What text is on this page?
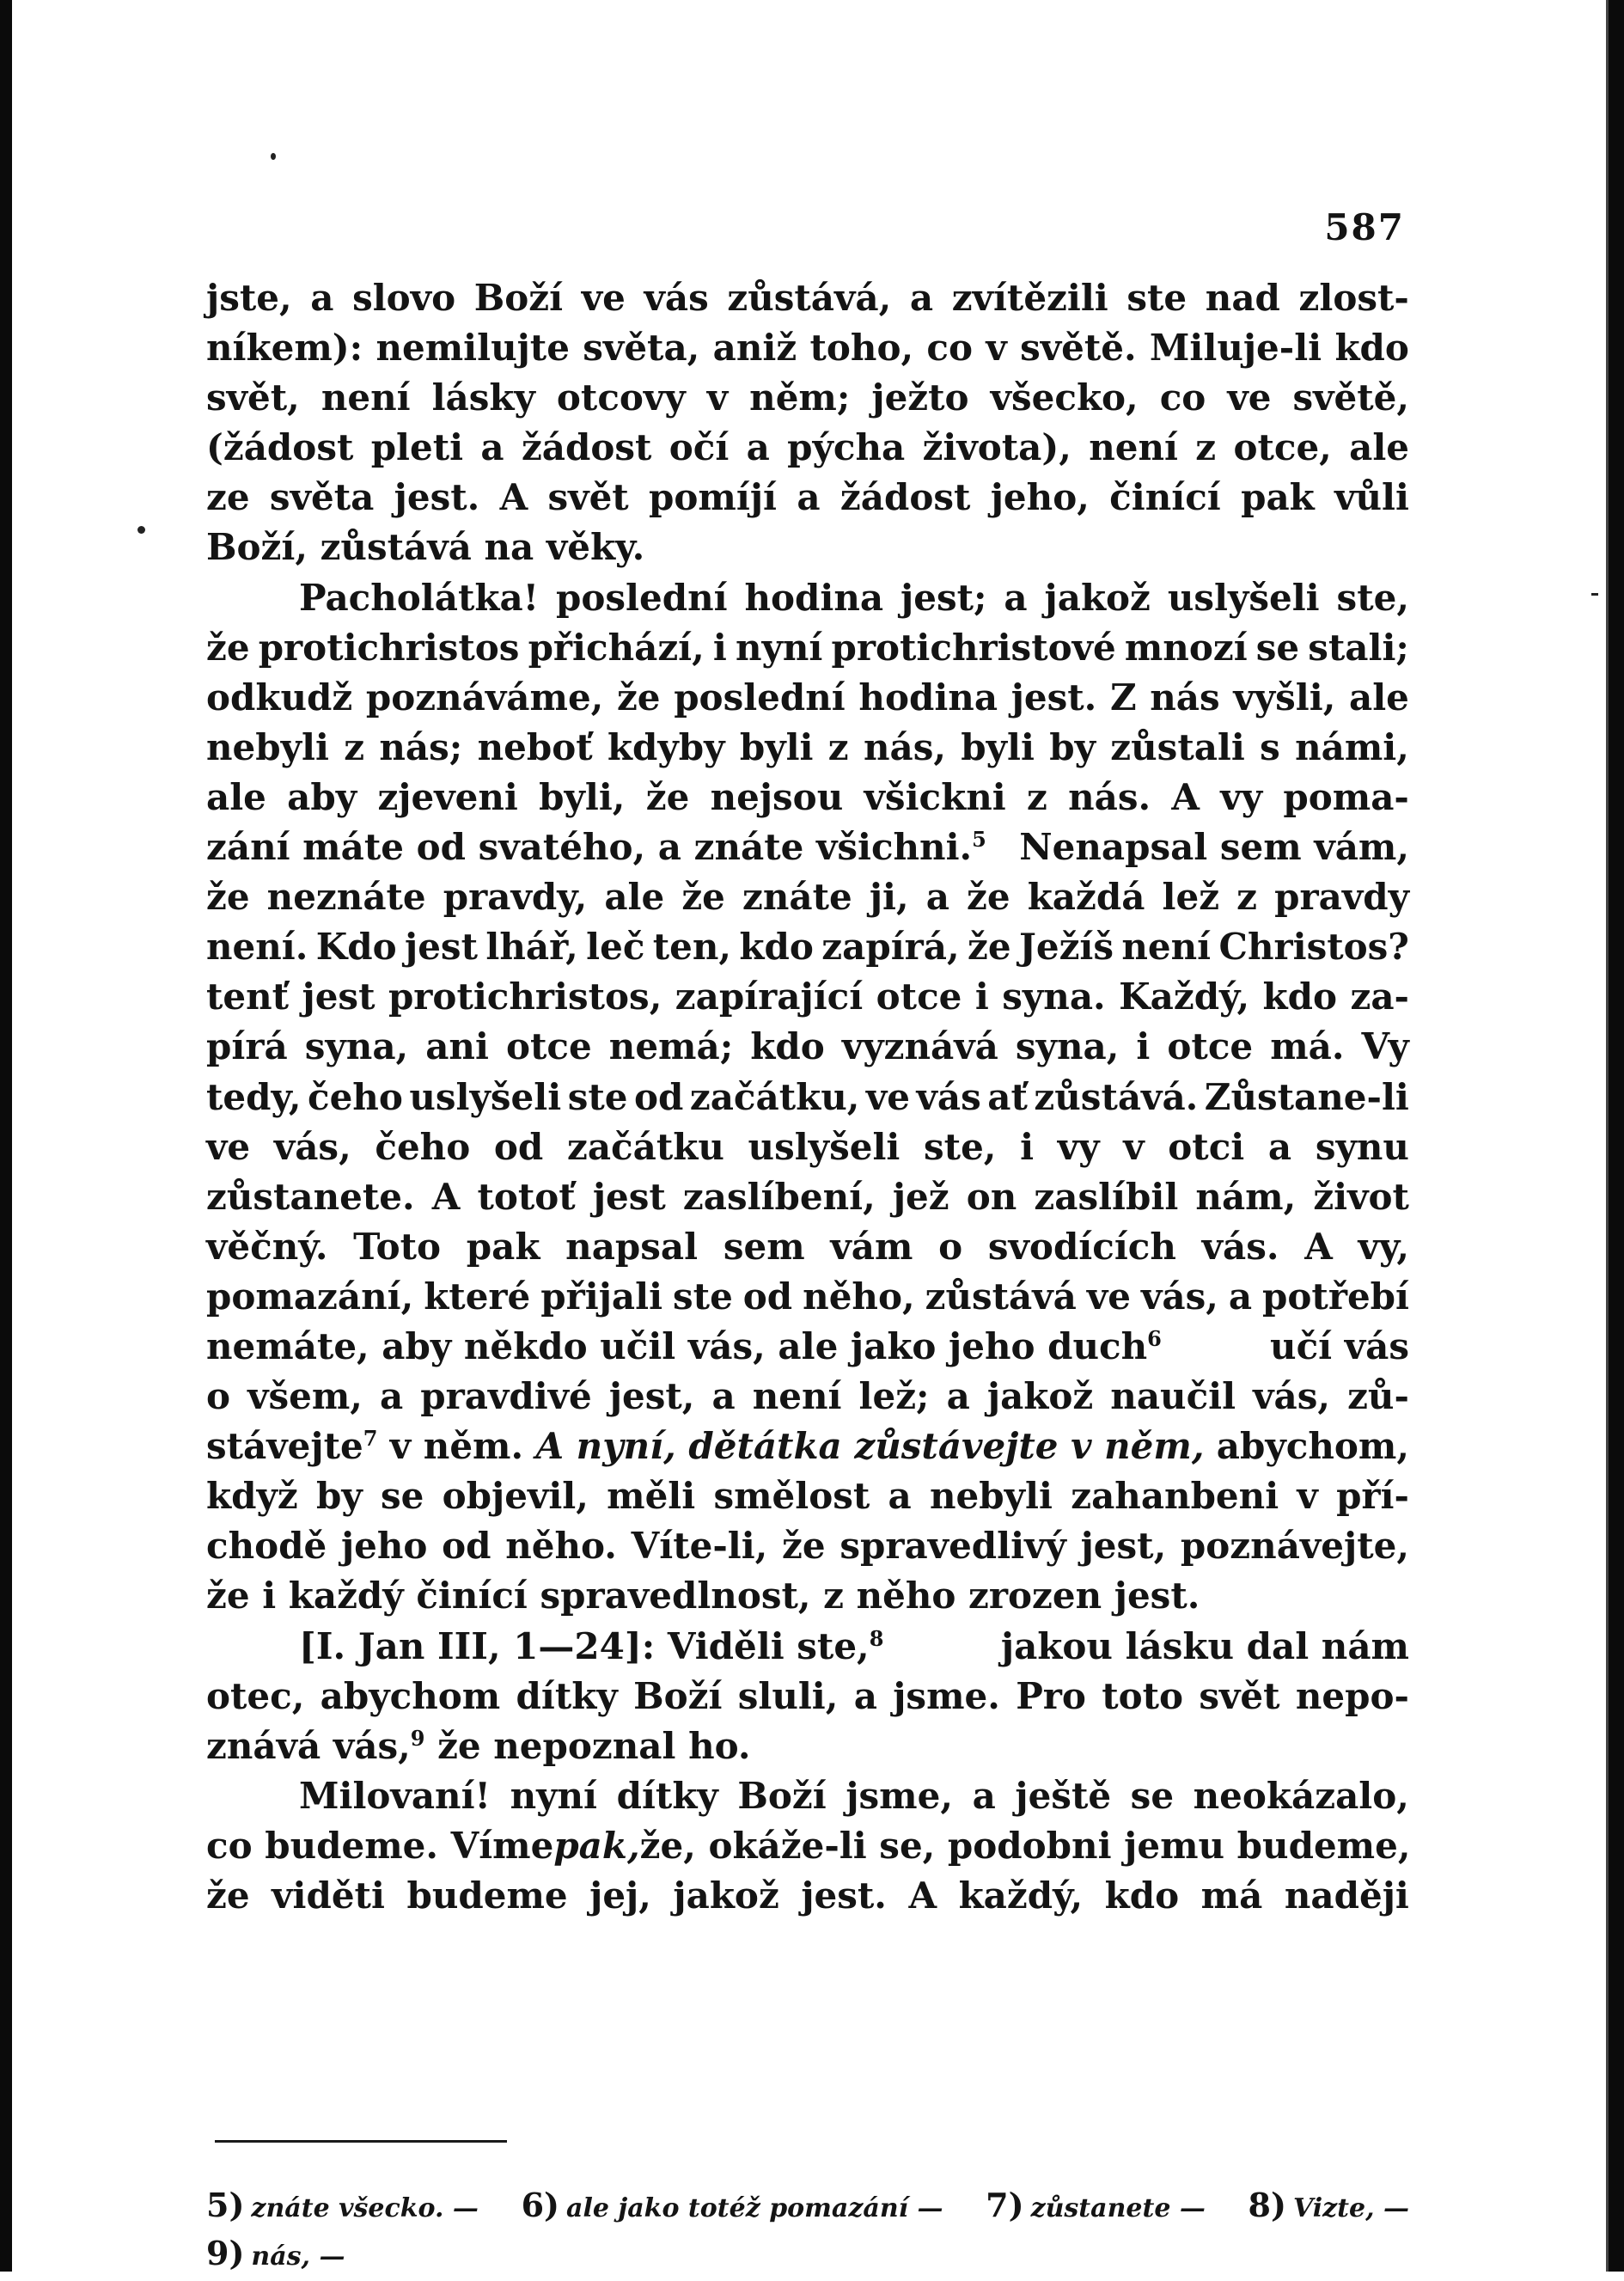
587
jste, a slovo Boží ve vás zůstává, a zvítězili ste nad zlost-
níkem): nemilujte světa, aniž toho, co v světě. Miluje-li kdo
svět, není lásky otcovy v něm; ježto všecko, co ve světě,
(žádost pleti a žádost očí a pýcha života), není z otce, ale
ze světa jest. A svět pomíjí a žádost jeho, činící pak vůli
Boží, zůstává na věky.
Pacholátka! poslední hodina jest; a jakož uslyšeli ste,
že protichristos přichází, i nyní protichristové mnozí se stali;
odkudž poznáváme, že poslední hodina jest. Z nás vyšli, ale
nebyli z nás; neboť kdyby byli z nás, byli by zůstali s námi,
ale aby zjeveni byli, že nejsou všickni z nás. A vy poma-
zání máte od svatého, a znáte všichni.$^5$ Nenapsal sem vám,
že neznáte pravdy, ale že znáte ji, a že každá lež z pravdy
není. Kdo jest lhář, leč ten, kdo zapírá, že Ježíš není Christos?
tenť jest protichristos, zapírající otce i syna. Každý, kdo za-
pírá syna, ani otce nemá; kdo vyznává syna, i otce má. Vy
tedy, čeho uslyšeli ste od začátku, ve vás ať zůstává. Zůstane-li
ve vás, čeho od začátku uslyšeli ste, i vy v otci a synu
zůstanete. A totoť jest zaslíbení, jež on zaslíbil nám, život
věčný. Toto pak napsal sem vám o svodících vás. A vy,
pomazání, které přijali ste od něho, zůstává ve vás, a potřebí
nemáte, aby někdo učil vás, ale jako jeho duch$^6$	učí vás
o všem, a pravdivé jest, a není lež; a jakož naučil vás, zů-
stávejte$^7$ v něm. A nyní, dětátka zůstávejte v něm, abychom,
když by se objevil, měli smělost a nebyli zahanbeni v pří-
chodě jeho od něho. Víte-li, že spravedlivý jest, poznávejte,
že i každý činící spravedlnost, z něho zrozen jest.
[I. Jan III, 1—24]: Viděli ste,$^8$	jakou lásku dal nám
otec, abychom dítky Boží sluli, a jsme. Pro toto svět nepo-
znává vás,$^9$ že nepoznal ho.
Milovaní! nyní dítky Boží jsme, a ještě se neokázalo,
co budeme. Víme pak, že, okáže-li se, podobni jemu budeme,
že viděti budeme jej, jakož jest. A každý, kdo má naději
5) znáte všecko. — 6) ale jako totéž pomazání — 7) zůstanete — 8) Vizte, —
9) nás, —
